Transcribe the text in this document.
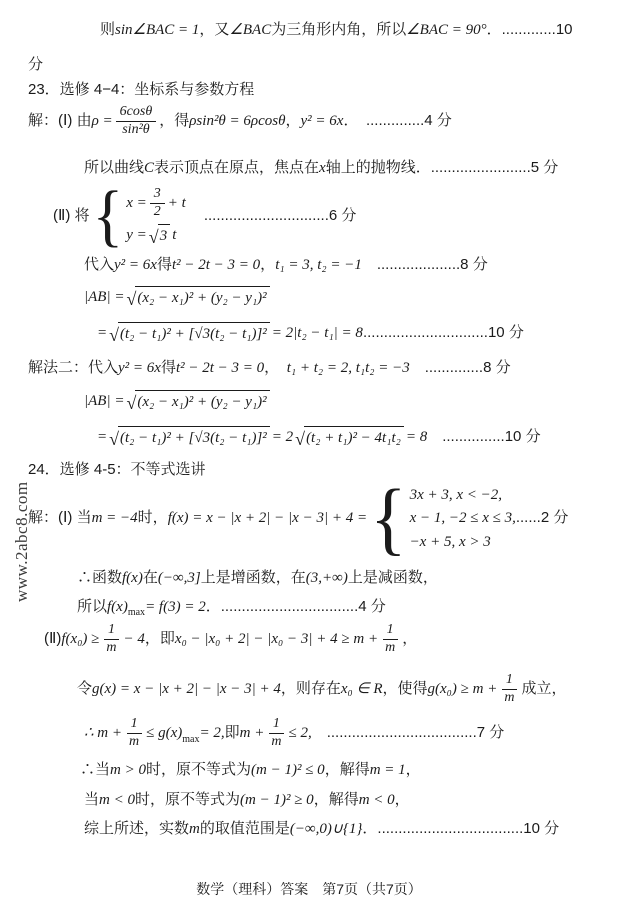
则 sin∠BAC = 1 ，又 ∠BAC 为三角形内角，所以 ∠BAC = 90° ．.............10
分
23．选修 4−4：坐标系与参数方程
解：(Ⅰ) 由 $\rho = \frac{6\cos\theta}{\text{sin²θ}}$ ，得 ρsin²θ = 6ρcosθ ， y² = 6x ．　..............4 分
所以曲线 C 表示顶点在原点，焦点在 x 轴上的抛物线．........................5 分
(Ⅱ) 将 { $x = \frac{3}{2} + t$
y = √ 3 t
　..............................6 分
代入 y² = 6x 得 t² − 2t − 3 = 0 ， t₁ = 3, t₂ = −1 　....................8 分
|AB| = √ (x₂ − x₁)² + (y₂ − y₁)²
= √ (t₂ − t₁)² + [√3(t₂ − t₁)]² = 2|t₂ − t₁| = 8 ..............................10 分
解法二：代入 y² = 6x 得 t² − 2t − 3 = 0 ，　 t₁ + t₂ = 2, t₁t₂ = −3 　..............8 分
|AB| = √ (x₂ − x₁)² + (y₂ − y₁)²
= √ (t₂ − t₁)² + [√3(t₂ − t₁)]² = 2 √ (t₂ + t₁)² − 4t₁t₂ = 8 　...............10 分
24．选修 4-5：不等式选讲
解：(Ⅰ) 当 m = −4 时， f(x) = x − |x + 2| − |x − 3| + 4 = { 3x + 3, x < −2,
x − 1, −2 ≤ x ≤ 3, ......2 分
−x + 5, x > 3
∴函数 f(x) 在 (−∞,3] 上是增函数，在 (3,+∞) 上是减函数，
所以 f(x) max = f(3) = 2 ．.................................4 分
(Ⅱ) $f(x_0) \ge \frac{1}{m} - 4$ ，即 $x_0 - |x_0 + 2| - |x_0 - 3| + 4 \ge m + \frac{1}{m}$ ，
令 g(x) = x − |x + 2| − |x − 3| + 4 ，则存在 x₀ ∈ R ，使得 $g(x_0) \ge m + \frac{1}{m}$ 成立，
∴ $m + \frac{1}{m} \le g(x) \max = 2$, 即 $m + \frac{1}{m} \le 2$, 　....................................7 分
∴当 m > 0 时，原不等式为 (m − 1)² ≤ 0 ，解得 m = 1 ，
当 m < 0 时，原不等式为 (m − 1)² ≥ 0 ，解得 m < 0 ，
综上所述，实数 m 的取值范围是 (−∞,0)∪{1} ．...................................10 分
www.2abc8.com
数学（理科）答案　第7页（共7页）
